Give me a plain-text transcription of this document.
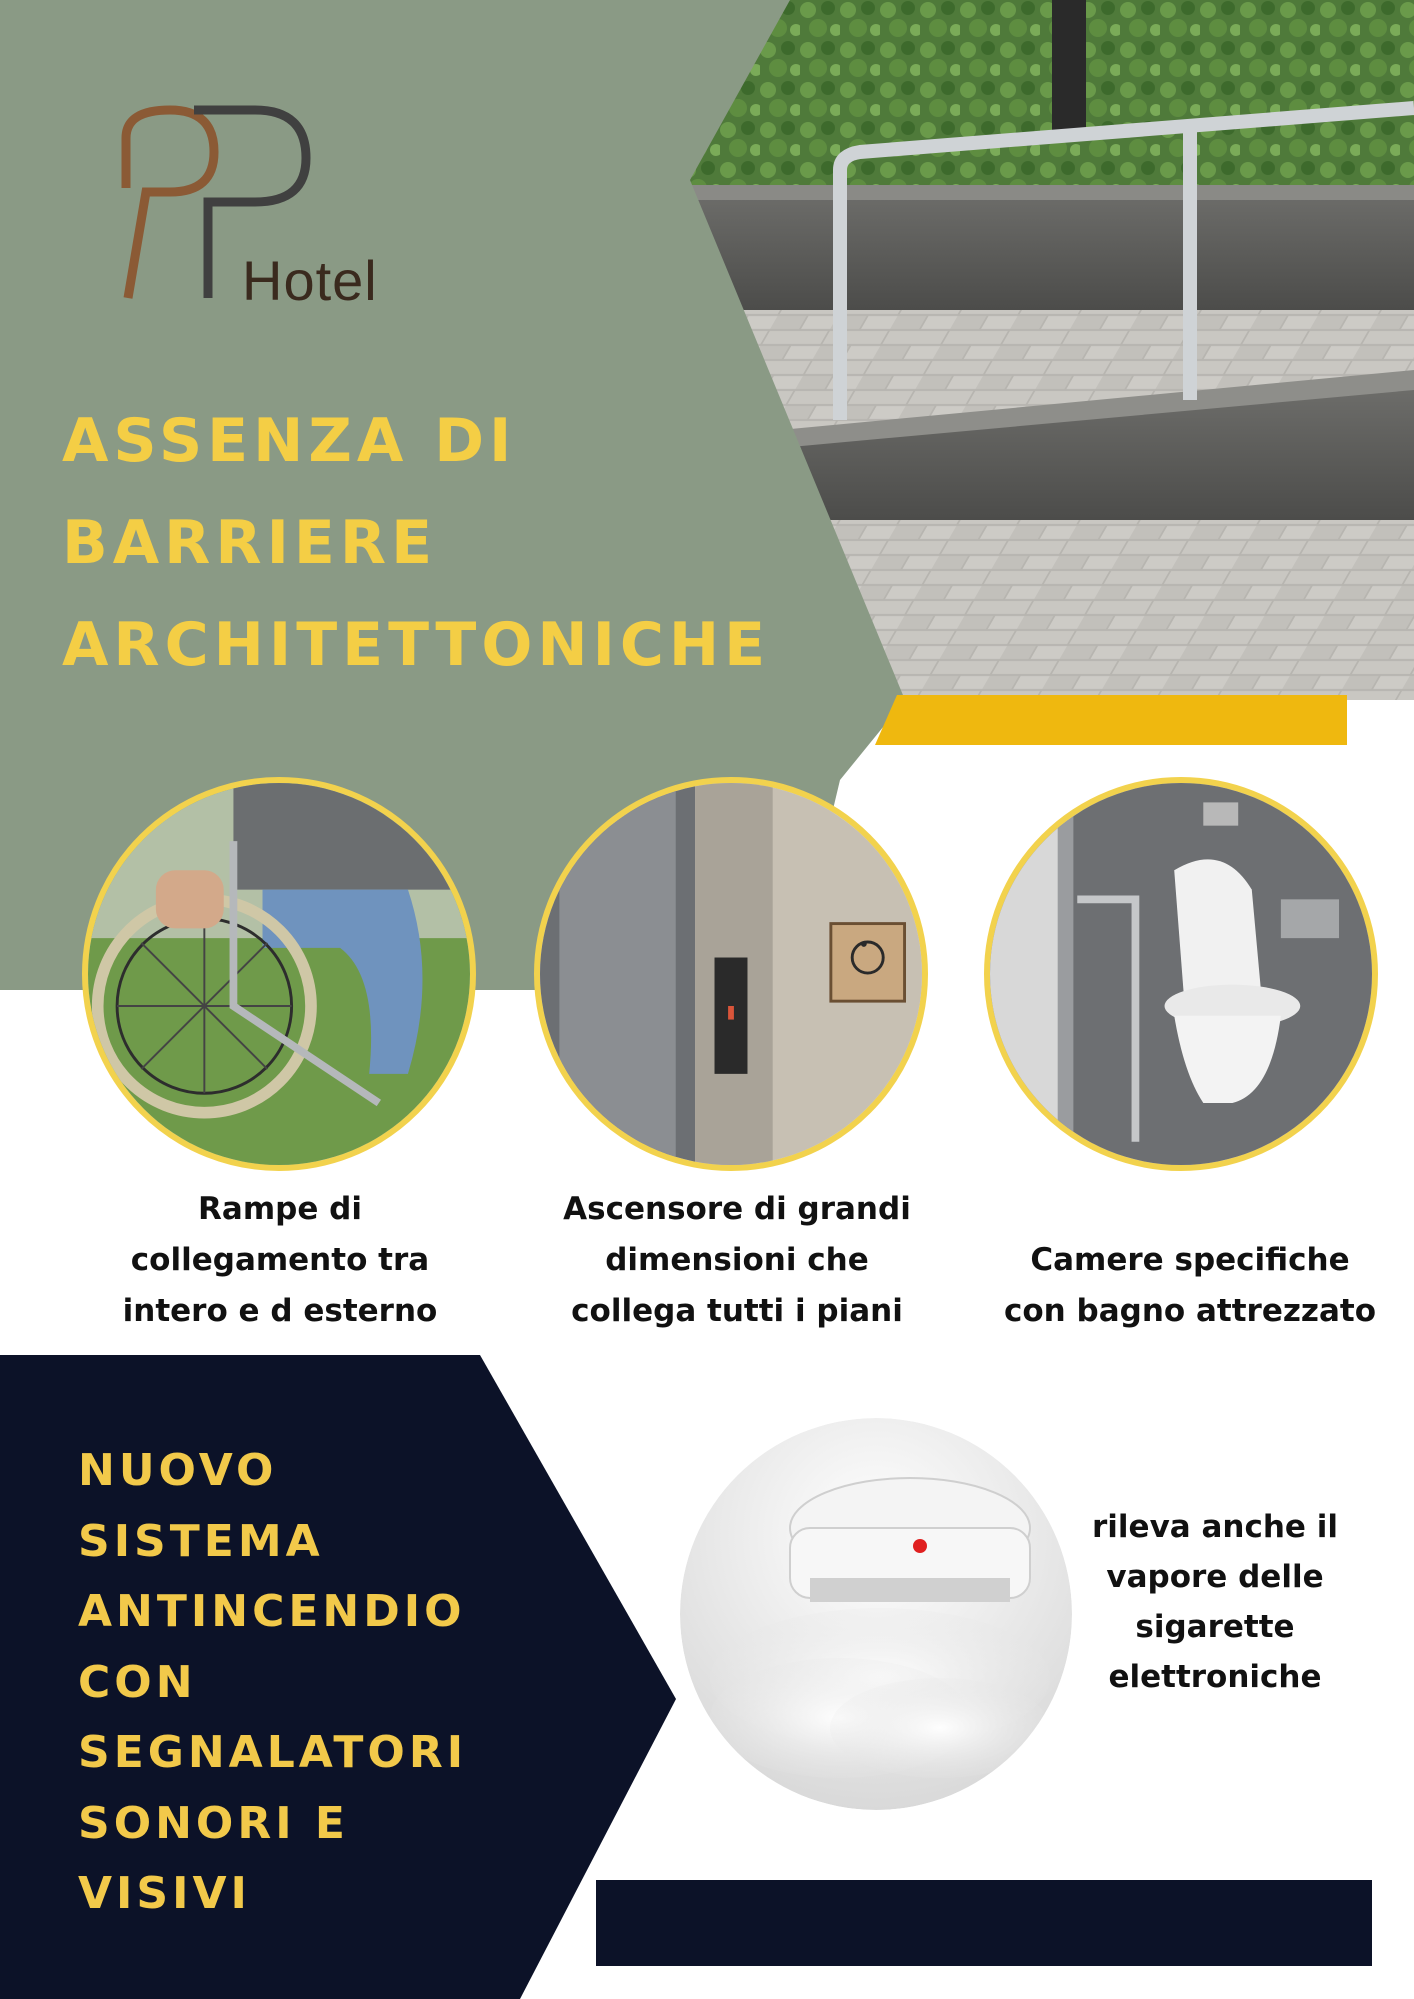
Hotel
ASSENZA DI
BARRIERE
ARCHITETTONICHE
Rampe di
collegamento tra
intero e d esterno
Ascensore di grandi
dimensioni che
collega tutti i piani
Camere specifiche
con bagno attrezzato
NUOVO
SISTEMA
ANTINCENDIO
CON
SEGNALATORI
SONORI E
VISIVI
rileva anche il
vapore delle
sigarette
elettroniche
